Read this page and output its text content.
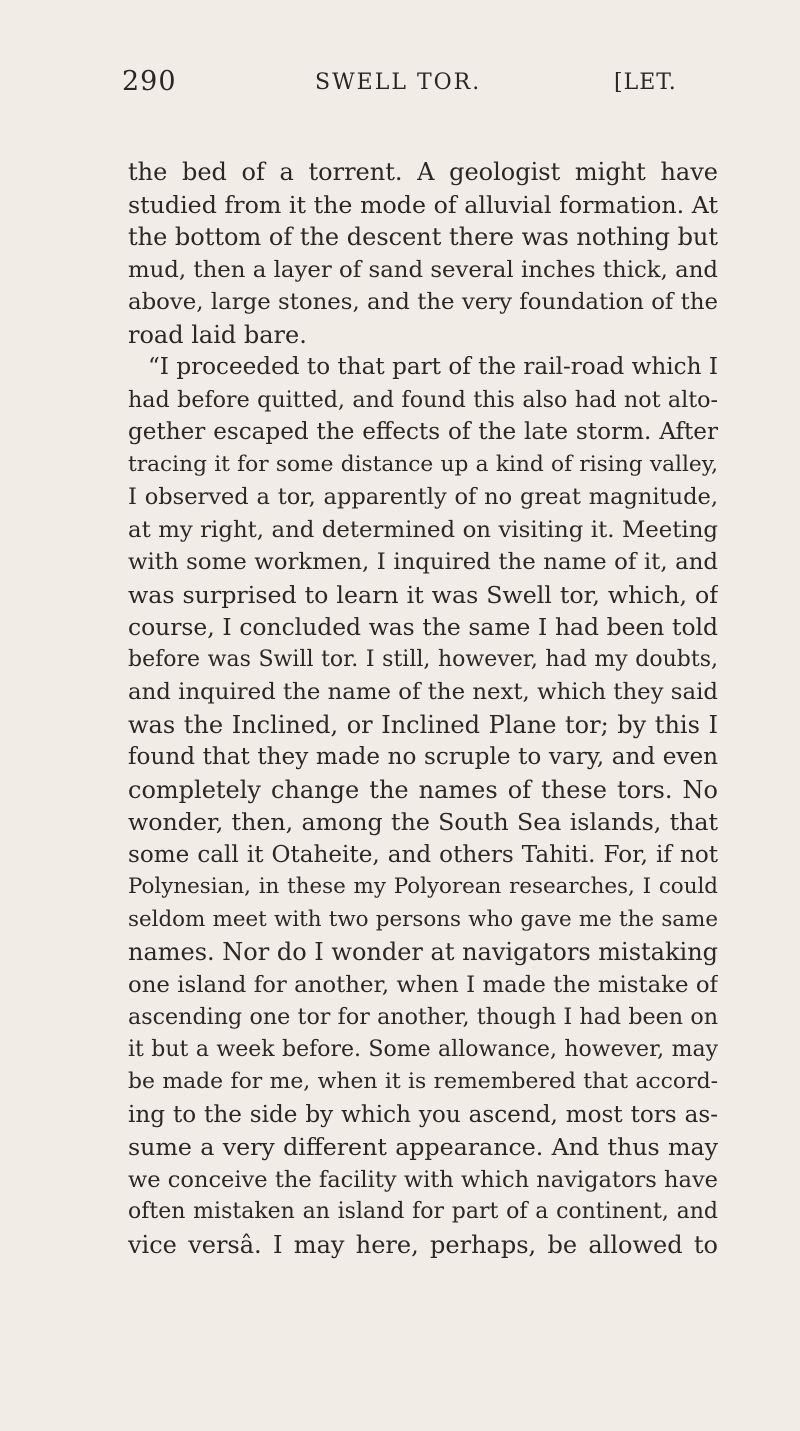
290	SWELL TOR.	[LET.
the bed of a torrent. A geologist might have
studied from it the mode of alluvial formation. At
the bottom of the descent there was nothing but
mud, then a layer of sand several inches thick, and
above, large stones, and the very foundation of the
road laid bare.
“I proceeded to that part of the rail-road which I
had before quitted, and found this also had not alto-
gether escaped the effects of the late storm. After
tracing it for some distance up a kind of rising valley,
I observed a tor, apparently of no great magnitude,
at my right, and determined on visiting it. Meeting
with some workmen, I inquired the name of it, and
was surprised to learn it was Swell tor, which, of
course, I concluded was the same I had been told
before was Swill tor. I still, however, had my doubts,
and inquired the name of the next, which they said
was the Inclined, or Inclined Plane tor; by this I
found that they made no scruple to vary, and even
completely change the names of these tors. No
wonder, then, among the South Sea islands, that
some call it Otaheite, and others Tahiti. For, if not
Polynesian, in these my Polyorean researches, I could
seldom meet with two persons who gave me the same
names. Nor do I wonder at navigators mistaking
one island for another, when I made the mistake of
ascending one tor for another, though I had been on
it but a week before. Some allowance, however, may
be made for me, when it is remembered that accord-
ing to the side by which you ascend, most tors as-
sume a very different appearance. And thus may
we conceive the facility with which navigators have
often mistaken an island for part of a continent, and
vice versâ. I may here, perhaps, be allowed to
